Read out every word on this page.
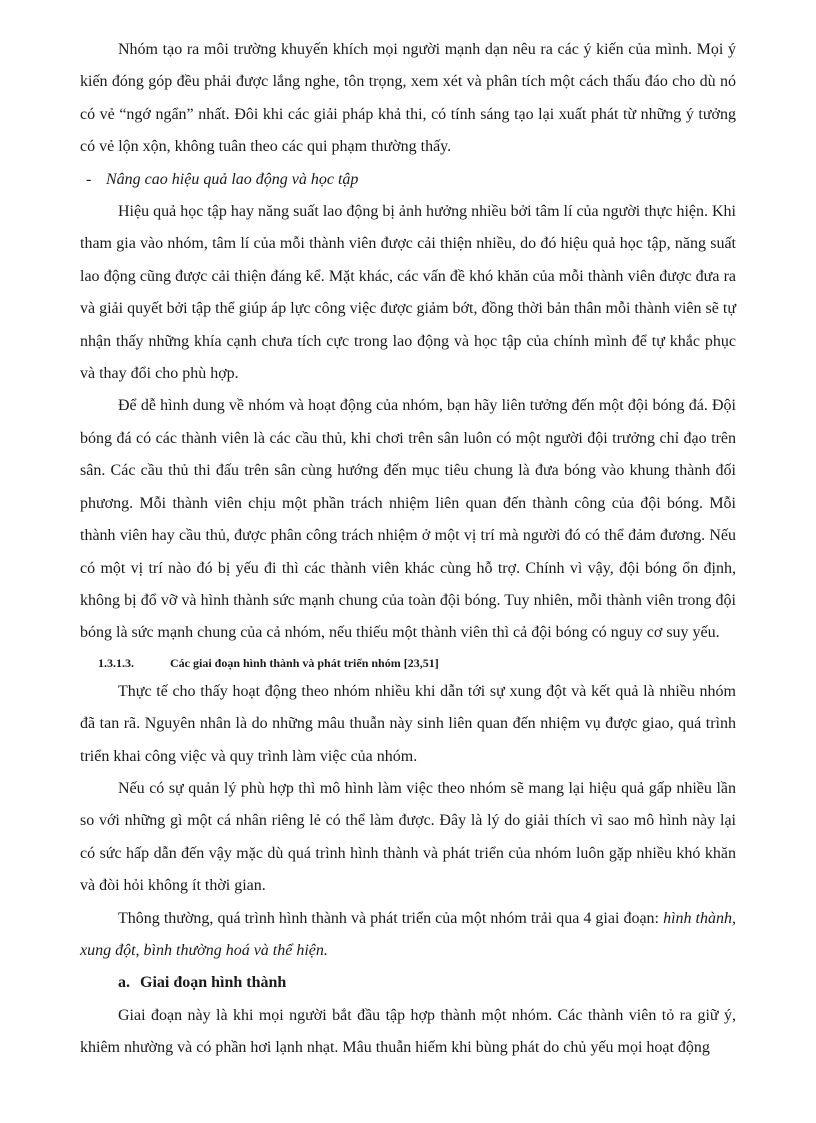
Nhóm tạo ra môi trường khuyến khích mọi người mạnh dạn nêu ra các ý kiến của mình. Mọi ý kiến đóng góp đều phải được lắng nghe, tôn trọng, xem xét và phân tích một cách thấu đáo cho dù nó có vẻ “ngớ ngẩn” nhất. Đôi khi các giải pháp khả thi, có tính sáng tạo lại xuất phát từ những ý tưởng có vẻ lộn xộn, không tuân theo các qui phạm thường thấy.

- Nâng cao hiệu quả lao động và học tập

Hiệu quả học tập hay năng suất lao động bị ảnh hưởng nhiều bởi tâm lí của người thực hiện. Khi tham gia vào nhóm, tâm lí của mỗi thành viên được cải thiện nhiều, do đó hiệu quả học tập, năng suất lao động cũng được cải thiện đáng kể. Mặt khác, các vấn đề khó khăn của mỗi thành viên được đưa ra và giải quyết bởi tập thể giúp áp lực công việc được giảm bớt, đồng thời bản thân mỗi thành viên sẽ tự nhận thấy những khía cạnh chưa tích cực trong lao động và học tập của chính mình để tự khắc phục và thay đổi cho phù hợp.

Để dễ hình dung về nhóm và hoạt động của nhóm, bạn hãy liên tưởng đến một đội bóng đá. Đội bóng đá có các thành viên là các cầu thủ, khi chơi trên sân luôn có một người đội trưởng chỉ đạo trên sân. Các cầu thủ thi đấu trên sân cùng hướng đến mục tiêu chung là đưa bóng vào khung thành đối phương. Mỗi thành viên chịu một phần trách nhiệm liên quan đến thành công của đội bóng. Mỗi thành viên hay cầu thủ, được phân công trách nhiệm ở một vị trí mà người đó có thể đảm đương. Nếu có một vị trí nào đó bị yếu đi thì các thành viên khác cùng hỗ trợ. Chính vì vậy, đội bóng ổn định, không bị đổ vỡ và hình thành sức mạnh chung của toàn đội bóng. Tuy nhiên, mỗi thành viên trong đội bóng là sức mạnh chung của cả nhóm, nếu thiếu một thành viên thì cả đội bóng có nguy cơ suy yếu.

1.3.1.3.	Các giai đoạn hình thành và phát triển nhóm [23,51]

Thực tế cho thấy hoạt động theo nhóm nhiều khi dẫn tới sự xung đột và kết quả là nhiều nhóm đã tan rã. Nguyên nhân là do những mâu thuẫn này sinh liên quan đến nhiệm vụ được giao, quá trình triển khai công việc và quy trình làm việc của nhóm.

Nếu có sự quản lý phù hợp thì mô hình làm việc theo nhóm sẽ mang lại hiệu quả gấp nhiều lần so với những gì một cá nhân riêng lẻ có thể làm được. Đây là lý do giải thích vì sao mô hình này lại có sức hấp dẫn đến vậy mặc dù quá trình hình thành và phát triển của nhóm luôn gặp nhiều khó khăn và đòi hỏi không ít thời gian.

Thông thường, quá trình hình thành và phát triển của một nhóm trải qua 4 giai đoạn: hình thành, xung đột, bình thường hoá và thể hiện.

a. Giai đoạn hình thành

Giai đoạn này là khi mọi người bắt đầu tập hợp thành một nhóm. Các thành viên tỏ ra giữ ý, khiêm nhường và có phần hơi lạnh nhạt. Mâu thuẫn hiếm khi bùng phát do chủ yếu mọi hoạt động
